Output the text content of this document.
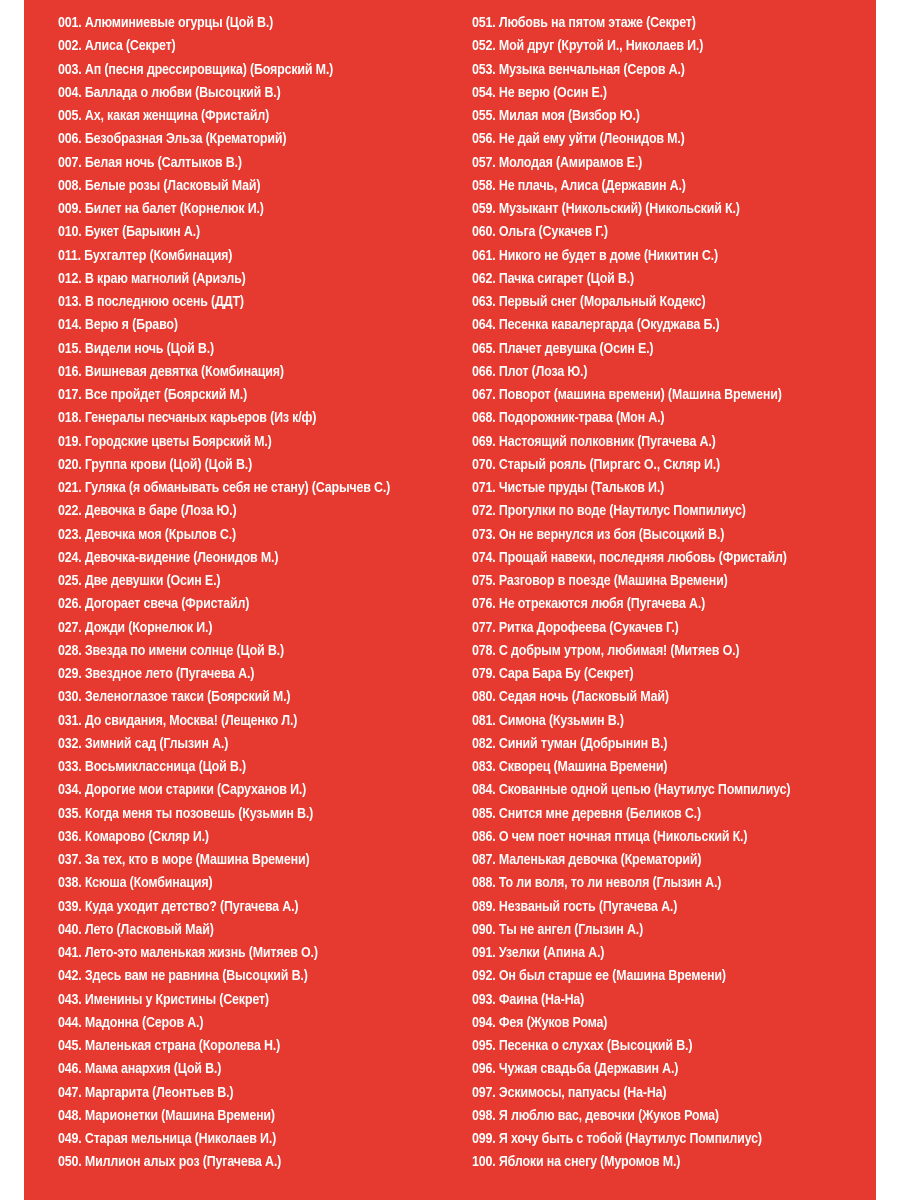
001. Алюминиевые огурцы (Цой В.)
002. Алиса (Секрет)
003. Ап (песня дрессировщика) (Боярский М.)
004. Баллада о любви (Высоцкий В.)
005. Ах, какая женщина (Фристайл)
006. Безобразная Эльза (Крематорий)
007. Белая ночь (Салтыков В.)
008. Белые розы (Ласковый Май)
009. Билет на балет (Корнелюк И.)
010. Букет (Барыкин А.)
011. Бухгалтер (Комбинация)
012. В краю магнолий (Ариэль)
013. В последнюю осень (ДДТ)
014. Верю я (Браво)
015. Видели ночь (Цой В.)
016. Вишневая девятка (Комбинация)
017. Все пройдет (Боярский М.)
018. Генералы песчаных карьеров (Из к/ф)
019. Городские цветы Боярский М.)
020. Группа крови (Цой) (Цой В.)
021. Гуляка (я обманывать себя не стану) (Сарычев С.)
022. Девочка в баре (Лоза Ю.)
023. Девочка моя (Крылов С.)
024. Девочка-видение (Леонидов М.)
025. Две девушки (Осин Е.)
026. Догорает свеча (Фристайл)
027. Дожди (Корнелюк И.)
028. Звезда по имени солнце (Цой В.)
029. Звездное лето (Пугачева А.)
030. Зеленоглазое такси (Боярский М.)
031. До свидания, Москва! (Лещенко Л.)
032. Зимний сад (Глызин А.)
033. Восьмиклассница (Цой В.)
034. Дорогие мои старики (Саруханов И.)
035. Когда меня ты позовешь (Кузьмин В.)
036. Комарово (Скляр И.)
037. За тех, кто в море (Машина Времени)
038. Ксюша (Комбинация)
039. Куда уходит детство? (Пугачева А.)
040. Лето (Ласковый Май)
041. Лето-это маленькая жизнь (Митяев О.)
042. Здесь вам не равнина (Высоцкий В.)
043. Именины у Кристины (Секрет)
044. Мадонна (Серов А.)
045. Маленькая страна (Королева Н.)
046. Мама анархия (Цой В.)
047. Маргарита (Леонтьев В.)
048. Марионетки (Машина Времени)
049. Старая мельница (Николаев И.)
050. Миллион алых роз (Пугачева А.)
051. Любовь на пятом этаже (Секрет)
052. Мой друг (Крутой И., Николаев И.)
053. Музыка венчальная (Серов А.)
054. Не верю (Осин Е.)
055. Милая моя (Визбор Ю.)
056. Не дай ему уйти (Леонидов М.)
057. Молодая (Амирамов Е.)
058. Не плачь, Алиса (Державин А.)
059. Музыкант (Никольский) (Никольский К.)
060. Ольга (Сукачев Г.)
061. Никого не будет в доме (Никитин С.)
062. Пачка сигарет (Цой В.)
063. Первый снег (Моральный Кодекс)
064. Песенка кавалергарда (Окуджава Б.)
065. Плачет девушка (Осин Е.)
066. Плот (Лоза Ю.)
067. Поворот (машина времени) (Машина Времени)
068. Подорожник-трава (Мон А.)
069. Настоящий полковник (Пугачева А.)
070. Старый рояль (Пиргагс О., Скляр И.)
071. Чистые пруды (Тальков И.)
072. Прогулки по воде (Наутилус Помпилиус)
073. Он не вернулся из боя (Высоцкий В.)
074. Прощай навеки, последняя любовь (Фристайл)
075. Разговор в поезде (Машина Времени)
076. Не отрекаются любя (Пугачева А.)
077. Ритка Дорофеева (Сукачев Г.)
078. С добрым утром, любимая! (Митяев О.)
079. Сара Бара Бу (Секрет)
080. Седая ночь (Ласковый Май)
081. Симона (Кузьмин В.)
082. Синий туман (Добрынин В.)
083. Скворец (Машина Времени)
084. Скованные одной цепью (Наутилус Помпилиус)
085. Снится мне деревня (Беликов С.)
086. О чем поет ночная птица (Никольский К.)
087. Маленькая девочка (Крематорий)
088. То ли воля, то ли неволя (Глызин А.)
089. Незваный гость (Пугачева А.)
090. Ты не ангел (Глызин А.)
091. Узелки (Апина А.)
092. Он был старше ее (Машина Времени)
093. Фаина (На-На)
094. Фея (Жуков Рома)
095. Песенка о слухах (Высоцкий В.)
096. Чужая свадьба (Державин А.)
097. Эскимосы, папуасы (На-На)
098. Я люблю вас, девочки (Жуков Рома)
099. Я хочу быть с тобой (Наутилус Помпилиус)
100. Яблоки на снегу (Муромов М.)
